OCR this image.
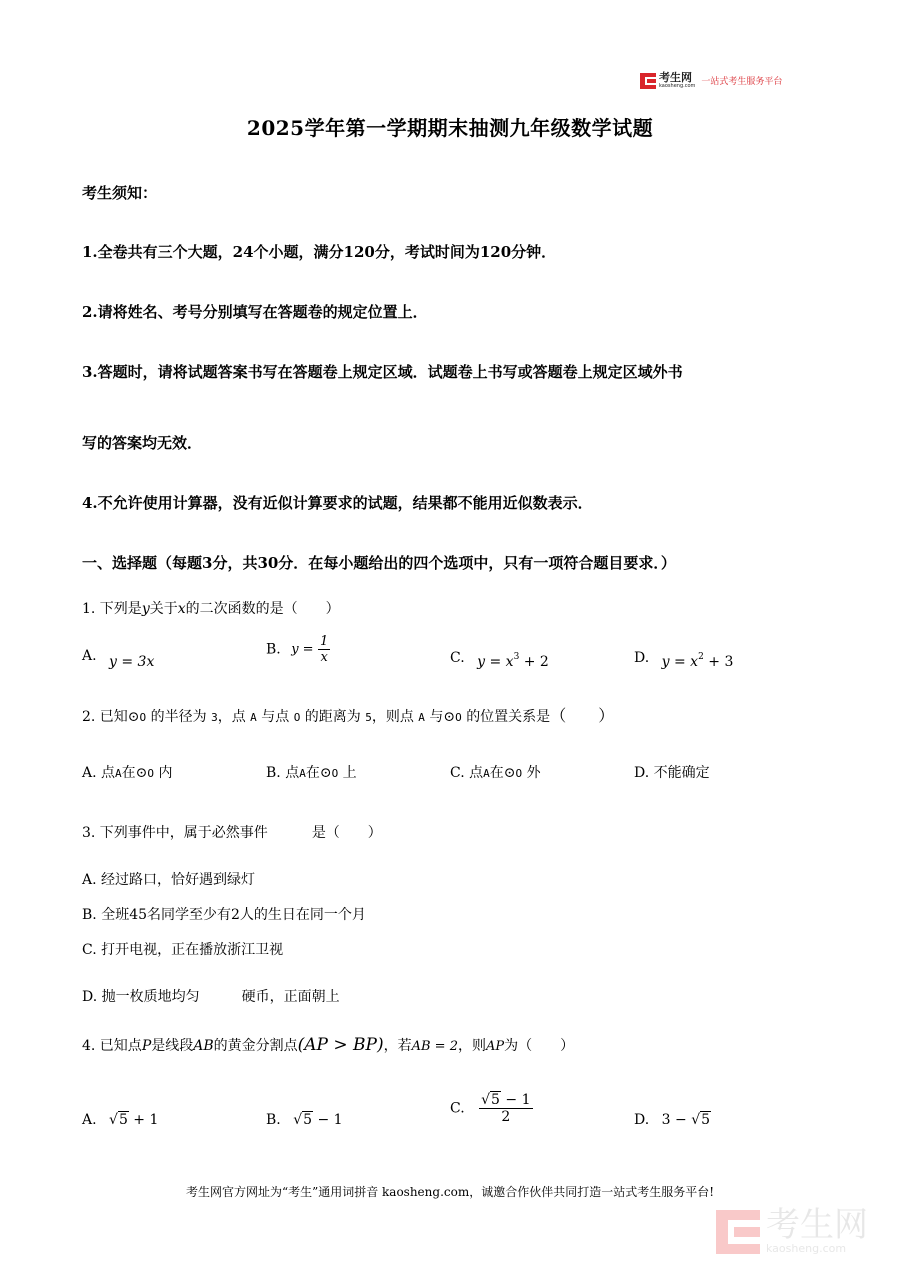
考生网
kaosheng.com 一站式考生服务平台
2025学年第一学期期末抽测九年级数学试题
考生须知：
1.全卷共有三个大题，24个小题，满分120分，考试时间为120分钟．
2.请将姓名、考号分别填写在答题卷的规定位置上．
3.答题时，请将试题答案书写在答题卷上规定区域．试题卷上书写或答题卷上规定区域外书
写的答案均无效．
4.不允许使用计算器，没有近似计算要求的试题，结果都不能用近似数表示．
一、选择题（每题3分，共30分．在每小题给出的四个选项中，只有一项符合题目要求．）
1. 下列是y关于x的二次函数的是（　　）
A. y = 3x
B. $y = \frac{1}{x}$	C. $y = x^3 + 2$	D. $y = x^2 + 3$
2. 已知⊙O 的半径为 3，点 A 与点 O 的距离为 5，则点 A 与⊙O 的位置关系是（　　）
A. 点A在⊙O 内	B. 点A在⊙O 上	C. 点A在⊙O 外	D. 不能确定
3. 下列事件中，属于必然事件	是（　　）
A. 经过路口，恰好遇到绿灯
B. 全班45名同学至少有2人的生日在同一个月
C. 打开电视，正在播放浙江卫视
D. 抛一枚质地均匀	硬币，正面朝上
4. 已知点P是线段AB的黄金分割点(AP > BP)，若AB = 2，则AP为（　　）
A. √5 + 1	B. √5 − 1
C. $\frac{√5 - 1}{2}$	D. 3 − √5
考生网官方网址为“考生”通用词拼音 kaosheng.com，诚邀合作伙伴共同打造一站式考生服务平台!
考生网
kaosheng.com
